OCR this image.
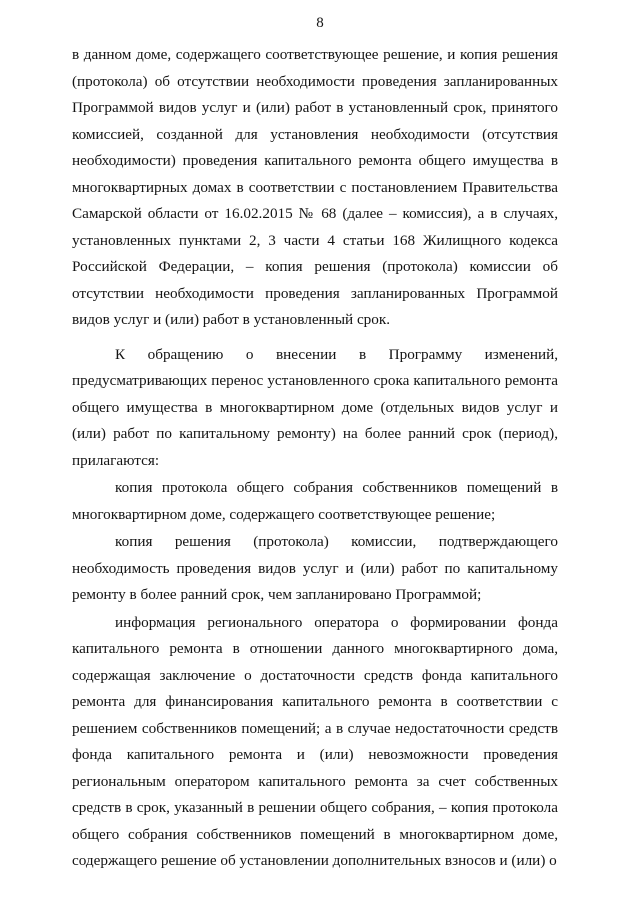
8

в данном доме, содержащего соответствующее решение, и копия решения (протокола) об отсутствии необходимости проведения запланированных Программой видов услуг и (или) работ в установленный срок, принятого комиссией, созданной для установления необходимости (отсутствия необходимости) проведения капитального ремонта общего имущества в многоквартирных домах в соответствии с постановлением Правительства Самарской области от 16.02.2015 № 68 (далее – комиссия), а в случаях, установленных пунктами 2, 3 части 4 статьи 168 Жилищного кодекса Российской Федерации, – копия решения (протокола) комиссии об отсутствии необходимости проведения запланированных Программой видов услуг и (или) работ в установленный срок.

К обращению о внесении в Программу изменений, предусматривающих перенос установленного срока капитального ремонта общего имущества в многоквартирном доме (отдельных видов услуг и (или) работ по капитальному ремонту) на более ранний срок (период), прилагаются:

копия протокола общего собрания собственников помещений в многоквартирном доме, содержащего соответствующее решение;

копия решения (протокола) комиссии, подтверждающего необходимость проведения видов услуг и (или) работ по капитальному ремонту в более ранний срок, чем запланировано Программой;

информация регионального оператора о формировании фонда капитального ремонта в отношении данного многоквартирного дома, содержащая заключение о достаточности средств фонда капитального ремонта для финансирования капитального ремонта в соответствии с решением собственников помещений; а в случае недостаточности средств фонда капитального ремонта и (или) невозможности проведения региональным оператором капитального ремонта за счет собственных средств в срок, указанный в решении общего собрания, – копия протокола общего собрания собственников помещений в многоквартирном доме, содержащего решение об установлении дополнительных взносов и (или) о
